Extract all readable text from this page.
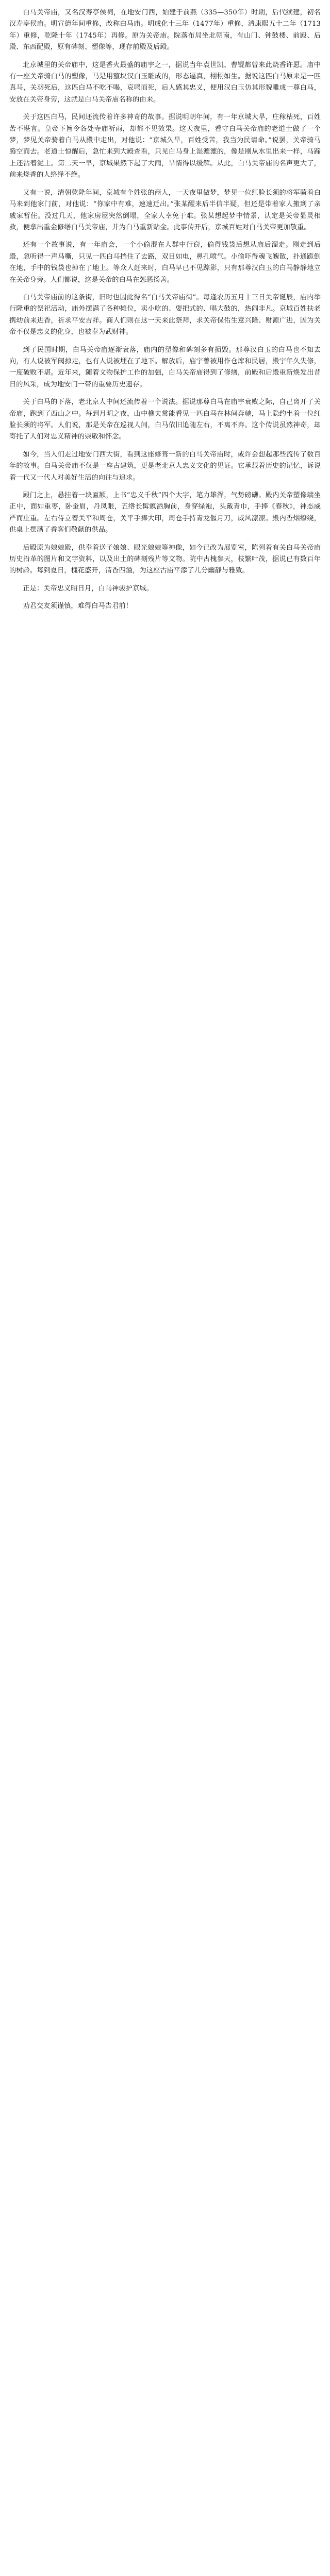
白马关帝庙，又名汉寿亭侯祠，在地安门西，始建于前燕（335—350年）时期，后代续建，初名汉寿亭侯庙。明宣德年间重修，改称白马庙。明成化十三年（1477年）重修，清康熙五十二年（1713年）重修，乾隆十年（1745年）再修。原为关帝庙。院落布局坐北朝南，有山门、钟鼓楼、前殿、后殿、东西配殿，原有碑刻、塑像等，现存前殿及后殿。

北京城里的关帝庙中，这是香火最盛的庙宇之一，据说当年袁世凯、曹锟都曾来此烧香许愿。庙中有一座关帝骑白马的塑像，马是用整块汉白玉雕成的，形态逼真，栩栩如生。据说这匹白马原来是一匹真马，关羽死后，这匹白马不吃不喝，哀鸣而死，后人感其忠义，便用汉白玉仿其形貌雕成一尊白马，安放在关帝身旁，这就是白马关帝庙名称的由来。

关于这匹白马，民间还流传着许多神奇的故事。据说明朝年间，有一年京城大旱，庄稼枯死，百姓苦不堪言。皇帝下旨令各处寺庙祈雨，却都不见效果。这天夜里，看守白马关帝庙的老道士做了一个梦，梦见关帝骑着白马从殿中走出，对他说：“京城久旱，百姓受苦，我当为民请命。”说罢，关帝骑马腾空而去。老道士惊醒后，急忙来到大殿查看，只见白马身上湿漉漉的，像是刚从水里出来一样，马蹄上还沾着泥土。第二天一早，京城果然下起了大雨，旱情得以缓解。从此，白马关帝庙的名声更大了，前来烧香的人络绎不绝。

又有一说，清朝乾隆年间，京城有个姓张的商人，一天夜里做梦，梦见一位红脸长须的将军骑着白马来到他家门前，对他说：“你家中有难，速速迁出。”张某醒来后半信半疑，但还是带着家人搬到了亲戚家暂住。没过几天，他家房屋突然倒塌，全家人幸免于难。张某想起梦中情景，认定是关帝显灵相救，便拿出重金修缮白马关帝庙，并为白马重新贴金。此事传开后，京城百姓对白马关帝更加敬重。

还有一个故事说，有一年庙会，一个小偷混在人群中行窃，偷得钱袋后想从庙后溜走。刚走到后殿，忽听得一声马嘶，只见一匹白马挡住了去路，双目如电，鼻孔喷气。小偷吓得魂飞魄散，扑通跪倒在地，手中的钱袋也掉在了地上。等众人赶来时，白马早已不见踪影，只有那尊汉白玉的白马静静地立在关帝身旁。人们都说，这是关帝的白马在惩恶扬善。

白马关帝庙前的这条街，旧时也因此得名“白马关帝庙街”。每逢农历五月十三日关帝诞辰，庙内举行隆重的祭祀活动，庙外摆满了各种摊位，卖小吃的、耍把式的、唱大鼓的，热闹非凡。京城百姓扶老携幼前来进香，祈求平安吉祥。商人们则在这一天来此祭拜，求关帝保佑生意兴隆、财源广进，因为关帝不仅是忠义的化身，也被奉为武财神。

到了民国时期，白马关帝庙逐渐衰落，庙内的塑像和碑刻多有损毁。那尊汉白玉的白马也不知去向，有人说被军阀掠走，也有人说被埋在了地下。解放后，庙宇曾被用作仓库和民居，殿宇年久失修，一度破败不堪。近年来，随着文物保护工作的加强，白马关帝庙得到了修缮，前殿和后殿重新焕发出昔日的风采，成为地安门一带的重要历史遗存。

关于白马的下落，老北京人中间还流传着一个说法。据说那尊白马在庙宇衰败之际，自己离开了关帝庙，跑到了西山之中。每到月明之夜，山中樵夫常能看见一匹白马在林间奔驰，马上隐约坐着一位红脸长须的将军。人们说，那是关帝在巡视人间，白马依旧追随左右，不离不弃。这个传说虽然神奇，却寄托了人们对忠义精神的崇敬和怀念。

如今，当人们走过地安门西大街，看到这座修葺一新的白马关帝庙时，或许会想起那些流传了数百年的故事。白马关帝庙不仅是一座古建筑，更是老北京人忠义文化的见证。它承载着历史的记忆，诉说着一代又一代人对美好生活的向往与追求。

殿门之上，悬挂着一块匾额，上书“忠义千秋”四个大字，笔力雄浑，气势磅礴。殿内关帝塑像端坐正中，面如重枣，卧蚕眉，丹凤眼，五绺长髯飘洒胸前，身穿绿袍，头戴青巾，手捧《春秋》，神态威严而庄重。左右侍立着关平和周仓，关平手捧大印，周仓手持青龙偃月刀，威风凛凛。殿内香烟缭绕，供桌上摆满了香客们敬献的供品。

后殿原为娘娘殿，供奉着送子娘娘、眼光娘娘等神像，如今已改为展览室，陈列着有关白马关帝庙历史沿革的图片和文字资料，以及出土的碑刻残片等文物。院中古槐参天，枝繁叶茂，据说已有数百年的树龄。每到夏日，槐花盛开，清香四溢，为这座古庙平添了几分幽静与雅致。

正是：关帝忠义昭日月，白马神骏护京城。

劝君交友须谨慎，难得白马告君前！
